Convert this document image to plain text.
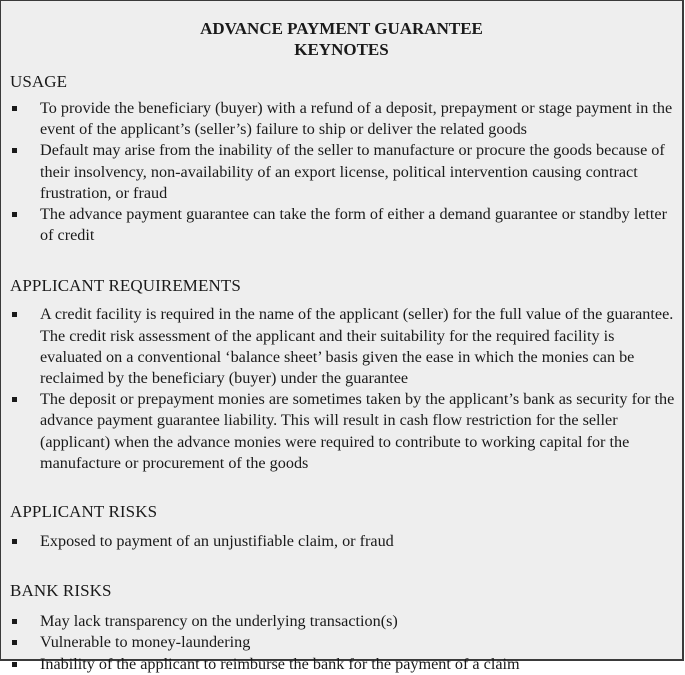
ADVANCE PAYMENT GUARANTEE
KEYNOTES
USAGE
To provide the beneficiary (buyer) with a refund of a deposit, prepayment or stage payment in the event of the applicant’s (seller’s) failure to ship or deliver the related goods
Default may arise from the inability of the seller to manufacture or procure the goods because of their insolvency, non-availability of an export license, political intervention causing contract frustration, or fraud
The advance payment guarantee can take the form of either a demand guarantee or standby letter of credit
APPLICANT REQUIREMENTS
A credit facility is required in the name of the applicant (seller) for the full value of the guarantee. The credit risk assessment of the applicant and their suitability for the required facility is evaluated on a conventional ‘balance sheet’ basis given the ease in which the monies can be reclaimed by the beneficiary (buyer) under the guarantee
The deposit or prepayment monies are sometimes taken by the applicant’s bank as security for the advance payment guarantee liability. This will result in cash flow restriction for the seller (applicant) when the advance monies were required to contribute to working capital for the manufacture or procurement of the goods
APPLICANT RISKS
Exposed to payment of an unjustifiable claim, or fraud
BANK RISKS
May lack transparency on the underlying transaction(s)
Vulnerable to money-laundering
Inability of the applicant to reimburse the bank for the payment of a claim
